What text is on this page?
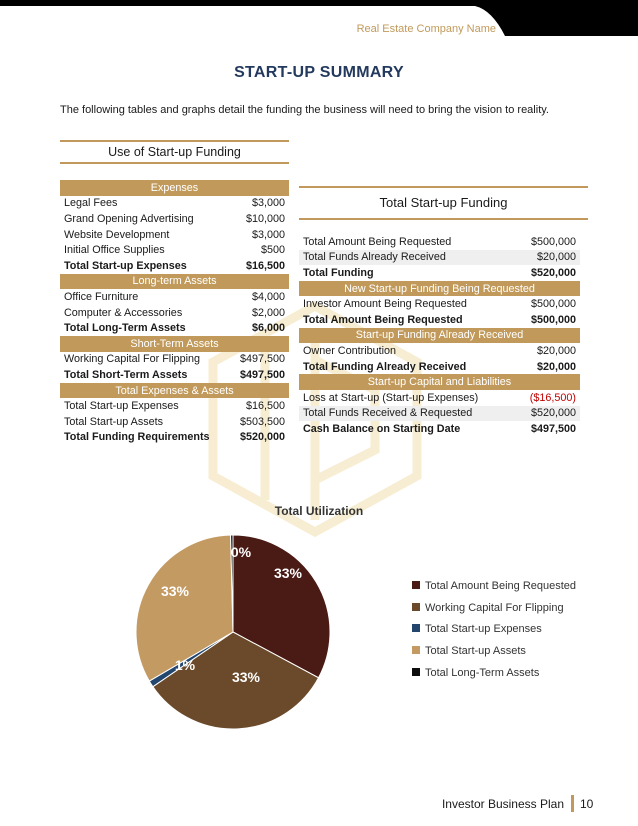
Real Estate Company Name
START-UP SUMMARY
The following tables and graphs detail the funding the business will need to bring the vision to reality.
Use of Start-up Funding
Expenses	
Legal Fees	$3,000
Grand Opening Advertising	$10,000
Website Development	$3,000
Initial Office Supplies	$500
Total Start-up Expenses	$16,500
Long-term Assets	
Office Furniture	$4,000
Computer & Accessories	$2,000
Total Long-Term Assets	$6,000
Short-Term Assets	
Working Capital For Flipping	$497,500
Total Short-Term Assets	$497,500
Total Expenses & Assets	
Total Start-up Expenses	$16,500
Total Start-up Assets	$503,500
Total Funding Requirements	$520,000
Total Start-up Funding
Total Amount Being Requested	$500,000
Total Funds Already Received	$20,000
Total Funding	$520,000
New Start-up Funding Being Requested	
Investor Amount Being Requested	$500,000
Total Amount Being Requested	$500,000
Start-up Funding Already Received	
Owner Contribution	$20,000
Total Funding Already Received	$20,000
Start-up Capital and Liabilities	
Loss at Start-up (Start-up Expenses)	($16,500)
Total Funds Received & Requested	$520,000
Cash Balance on Starting Date	$497,500
Total Utilization
33%
33%
1%
33%
0%
Total Amount Being Requested
Working Capital For Flipping
Total Start-up Expenses
Total Start-up Assets
Total Long-Term Assets
Investor Business Plan 10
